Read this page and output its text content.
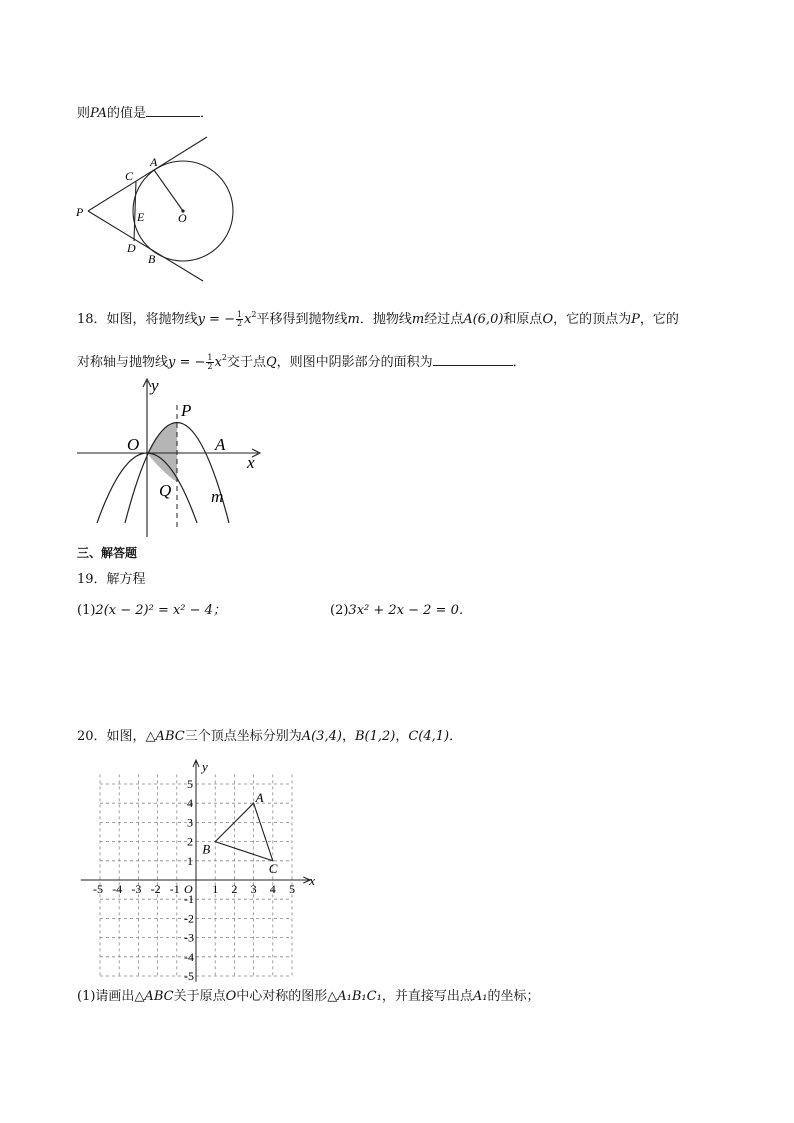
则PA的值是	．
A
C
P	E	O
D
B
18．如图，将抛物线y = − $\frac{1}{2} x^2$平移得到抛物线m．抛物线m经过点A(6,0)和原点O，它的顶点为P，它的
对称轴与抛物线y = − $\frac{1}{2} x^2$交于点Q，则图中阴影部分的面积为	．
y
P
O	A
x
Q m
三、解答题
19．解方程
(1)2(x − 2)² = x² − 4；	(2)3x² + 2x − 2 = 0．
20．如图，△ABC三个顶点坐标分别为A(3,4)，B(1,2)，C(4,1)．
x
y
O
-5 -4 -3 -2 -1	1 2 3 4 5
5
4
3
2
1
-1
-2
-3
-4
-5
A
B
C
(1)请画出△ABC关于原点O中心对称的图形△A₁B₁C₁，并直接写出点A₁的坐标；
